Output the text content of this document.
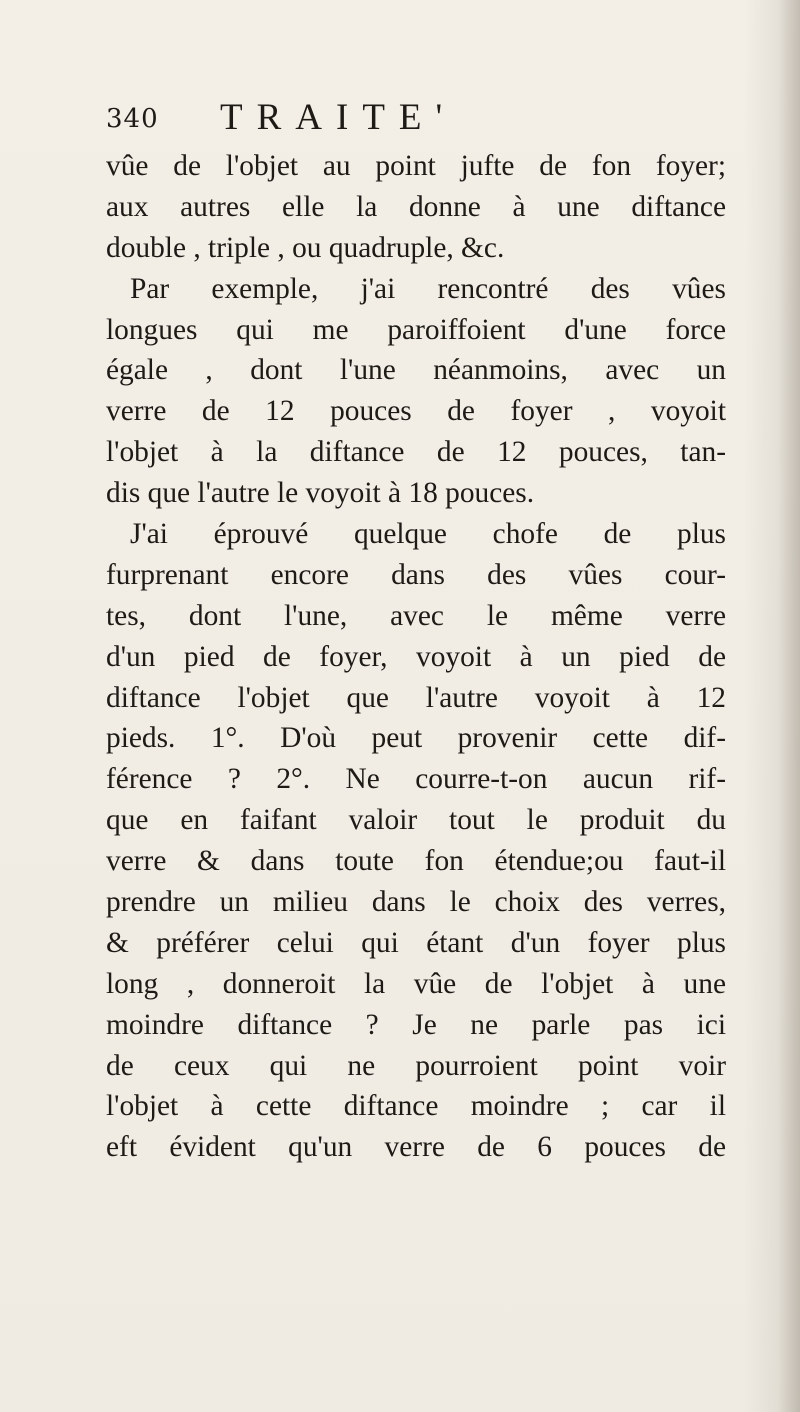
340 TRAITE'
vûe de l'objet au point jufte de fon foyer;
aux autres elle la donne à une diftance
double , triple , ou quadruple, &c.
Par exemple, j'ai rencontré des vûes
longues qui me paroiffoient d'une force
égale , dont l'une néanmoins, avec un
verre de 12 pouces de foyer , voyoit
l'objet à la diftance de 12 pouces, tan-
dis que l'autre le voyoit à 18 pouces.
J'ai éprouvé quelque chofe de plus
furprenant encore dans des vûes cour-
tes, dont l'une, avec le même verre
d'un pied de foyer, voyoit à un pied de
diftance l'objet que l'autre voyoit à 12
pieds. 1°. D'où peut provenir cette dif-
férence ? 2°. Ne courre-t-on aucun rif-
que en faifant valoir tout le produit du
verre & dans toute fon étendue;ou faut-il
prendre un milieu dans le choix des verres,
& préférer celui qui étant d'un foyer plus
long , donneroit la vûe de l'objet à une
moindre diftance ? Je ne parle pas ici
de ceux qui ne pourroient point voir
l'objet à cette diftance moindre ; car il
eft évident qu'un verre de 6 pouces de
